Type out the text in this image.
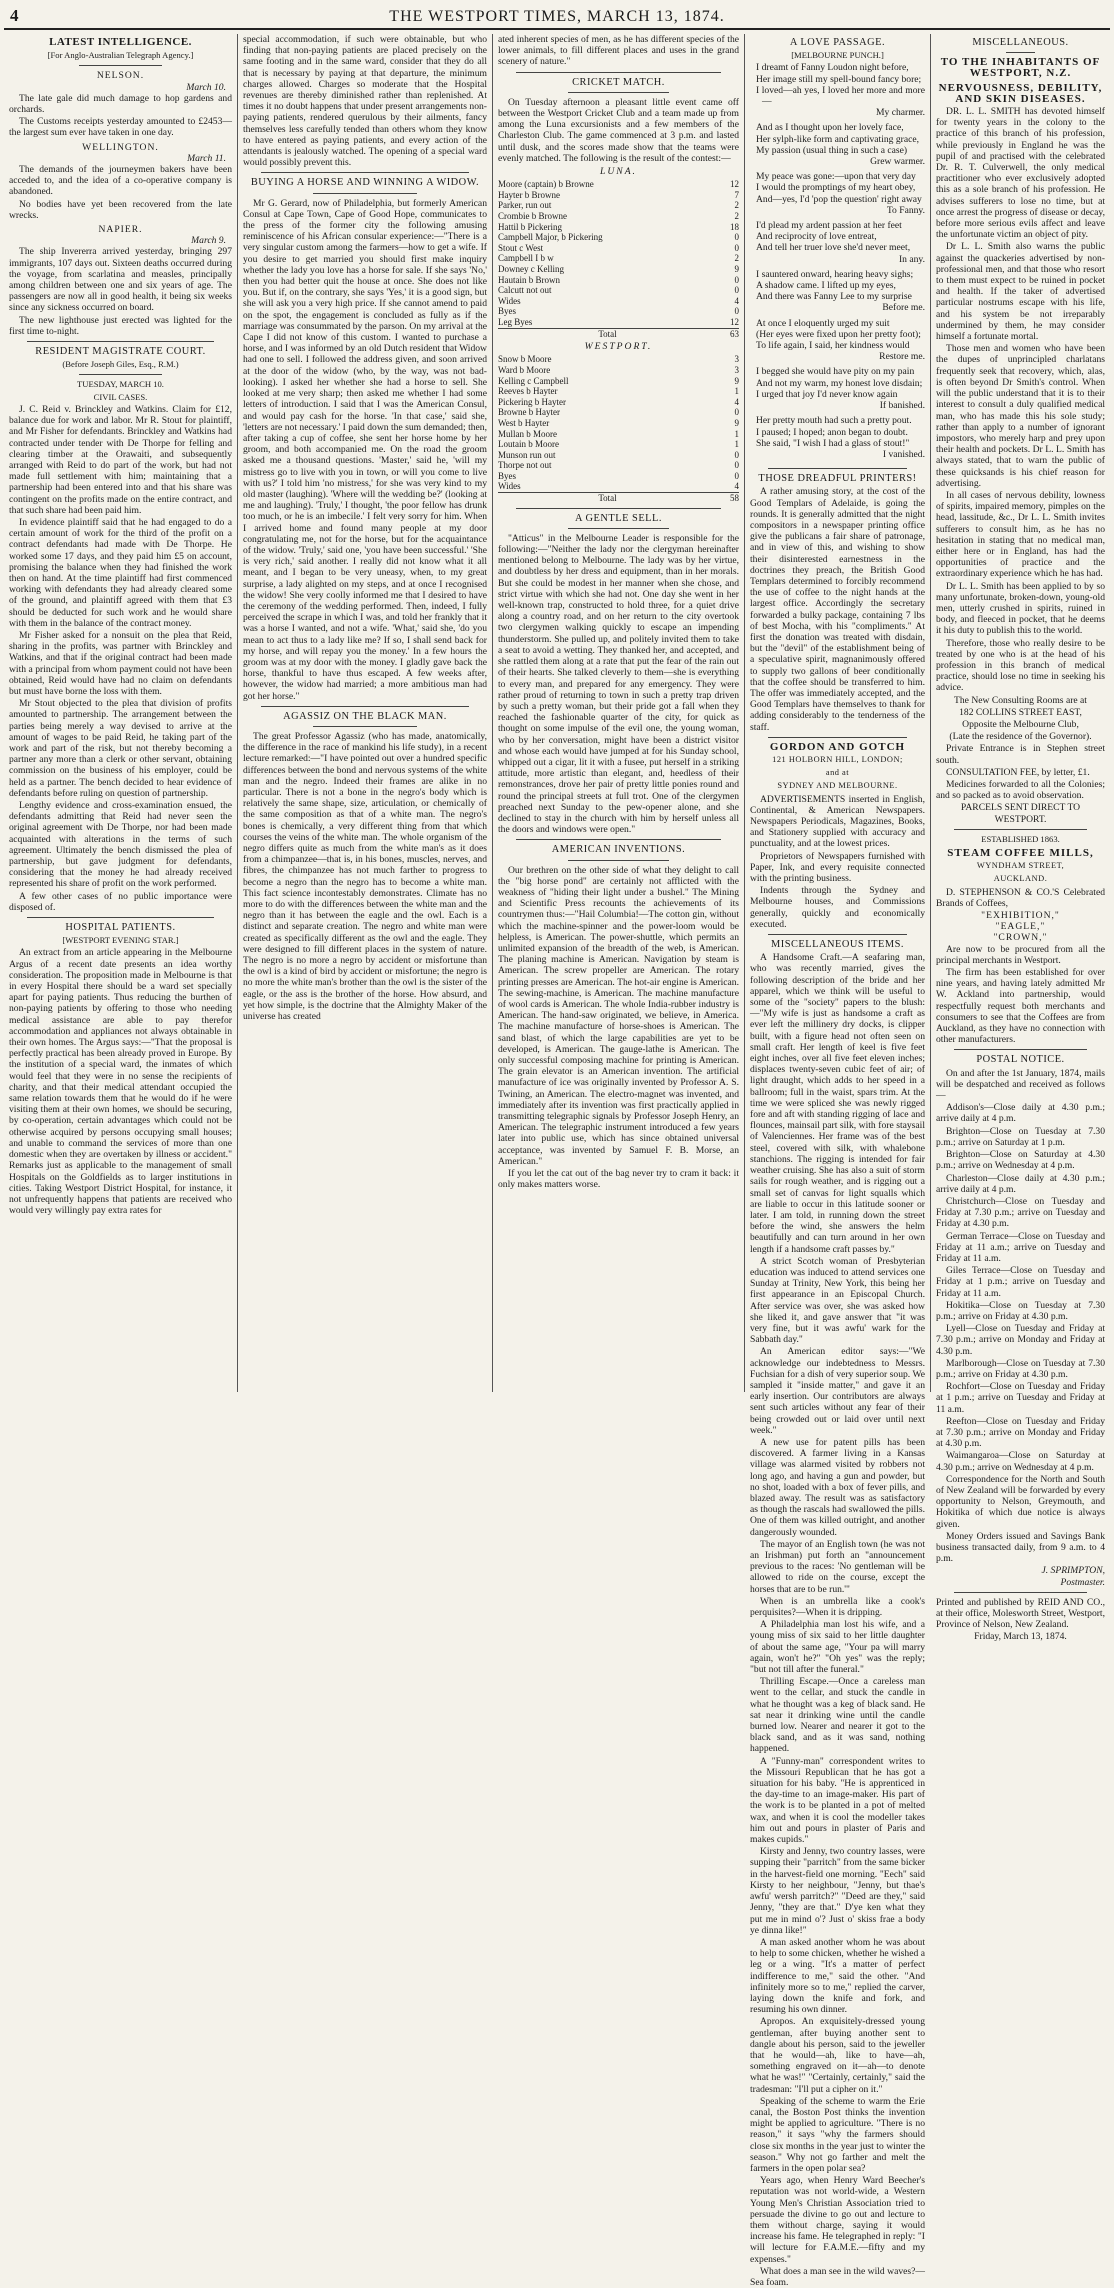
4	THE WESTPORT TIMES, MARCH 13, 1874.
LATEST INTELLIGENCE.
[For Anglo-Australian Telegraph Agency.]
NELSON.
March 10.

The late gale did much damage to hop gardens and orchards.

The Customs receipts yesterday amounted to £2453—the largest sum ever have taken in one day.

WELLINGTON.
March 11.

The demands of the journeymen bakers have been acceded to, and the idea of a co-operative company is abandoned.

No bodies have yet been recovered from the late wrecks.

NAPIER.
March 9.

The ship Invererra arrived yesterday, bringing 297 immigrants, 107 days out. Sixteen deaths occurred during the voyage, from scarlatina and measles, principally among children between one and six years of age. The passengers are now all in good health, it being six weeks since any sickness occurred on board.

The new lighthouse just erected was lighted for the first time to-night.

RESIDENT MAGISTRATE COURT.
(Before Joseph Giles, Esq., R.M.)
TUESDAY, MARCH 10.
CIVIL CASES.

J. C. Reid v. Brinckley and Watkins. Claim for £12, balance due for work and labor. Mr R. Stout for plaintiff, and Mr Fisher for defendants. Brinckley and Watkins had contracted under tender with De Thorpe for felling and clearing timber at the Orawaiti, and subsequently arranged with Reid to do part of the work, but had not made full settlement with him; maintaining that a partnership had been entered into and that his share was contingent on the profits made on the entire contract, and that such share had been paid him.

In evidence plaintiff said that he had engaged to do a certain amount of work for the third of the profit on a contract defendants had made with De Thorpe. He worked some 17 days, and they paid him £5 on account, promising the balance when they had finished the work then on hand. At the time plaintiff had first commenced working with defendants they had already cleared some of the ground, and plaintiff agreed with them that £3 should be deducted for such work and he would share with them in the balance of the contract money.

Mr Fisher asked for a nonsuit on the plea that Reid, sharing in the profits, was partner with Brinckley and Watkins, and that if the original contract had been made with a principal from whom payment could not have been obtained, Reid would have had no claim on defendants but must have borne the loss with them.

Mr Stout objected to the plea that division of profits amounted to partnership. The arrangement between the parties being merely a way devised to arrive at the amount of wages to be paid Reid, he taking part of the work and part of the risk, but not thereby becoming a partner any more than a clerk or other servant, obtaining commission on the business of his employer, could be held as a partner. The bench decided to hear evidence of defendants before ruling on question of partnership.

Lengthy evidence and cross-examination ensued, the defendants admitting that Reid had never seen the original agreement with De Thorpe, nor had been made acquainted with alterations in the terms of such agreement. Ultimately the bench dismissed the plea of partnership, but gave judgment for defendants, considering that the money he had already received represented his share of profit on the work performed.

A few other cases of no public importance were disposed of.

HOSPITAL PATIENTS.
[WESTPORT EVENING STAR.]

An extract from an article appearing in the Melbourne Argus of a recent date presents an idea worthy consideration. The proposition made in Melbourne is that in every Hospital there should be a ward set specially apart for paying patients. Thus reducing the burthen of non-paying patients by offering to those who needing medical assistance are able to pay therefor accommodation and appliances not always obtainable in their own homes. The Argus says:—"That the proposal is perfectly practical has been already proved in Europe. By the institution of a special ward, the inmates of which would feel that they were in no sense the recipients of charity, and that their medical attendant occupied the same relation towards them that he would do if he were visiting them at their own homes, we should be securing, by co-operation, certain advantages which could not be otherwise acquired by persons occupying small houses; and unable to command the services of more than one domestic when they are overtaken by illness or accident." Remarks just as applicable to the management of small Hospitals on the Goldfields as to larger institutions in cities. Taking Westport District Hospital, for instance, it not unfrequently happens that patients are received who would very willingly pay extra rates for

special accommodation, if such were obtainable, but who finding that non-paying patients are placed precisely on the same footing and in the same ward, consider that they do all that is necessary by paying at that departure, the minimum charges allowed. Charges so moderate that the Hospital revenues are thereby diminished rather than replenished. At times it no doubt happens that under present arrangements non-paying patients, rendered querulous by their ailments, fancy themselves less carefully tended than others whom they know to have entered as paying patients, and every action of the attendants is jealously watched. The opening of a special ward would possibly prevent this.

BUYING A HORSE AND WINNING A WIDOW.

Mr G. Gerard, now of Philadelphia, but formerly American Consul at Cape Town, Cape of Good Hope, communicates to the press of the former city the following amusing reminiscence of his African consular experience:—"There is a very singular custom among the farmers—how to get a wife. If you desire to get married you should first make inquiry whether the lady you love has a horse for sale. If she says 'No,' then you had better quit the house at once. She does not like you. But if, on the contrary, she says 'Yes,' it is a good sign, but she will ask you a very high price. If she cannot amend to paid on the spot, the engagement is concluded as fully as if the marriage was consummated by the parson. On my arrival at the Cape I did not know of this custom. I wanted to purchase a horse, and I was informed by an old Dutch resident that Widow had one to sell. I followed the address given, and soon arrived at the door of the widow (who, by the way, was not bad-looking). I asked her whether she had a horse to sell. She looked at me very sharp; then asked me whether I had some letters of introduction. I said that I was the American Consul, and would pay cash for the horse. 'In that case,' said she, 'letters are not necessary.' I paid down the sum demanded; then, after taking a cup of coffee, she sent her horse home by her groom, and both accompanied me. On the road the groom asked me a thousand questions. 'Master,' said he, 'will my mistress go to live with you in town, or will you come to live with us?' I told him 'no mistress,' for she was very kind to my old master (laughing). 'Where will the wedding be?' (looking at me and laughing). 'Truly,' I thought, 'the poor fellow has drunk too much, or he is an imbecile.' I felt very sorry for him. When I arrived home and found many people at my door congratulating me, not for the horse, but for the acquaintance of the widow. 'Truly,' said one, 'you have been successful.' 'She is very rich,' said another. I really did not know what it all meant, and I began to be very uneasy, when, to my great surprise, a lady alighted on my steps, and at once I recognised the widow! She very coolly informed me that I desired to have the ceremony of the wedding performed. Then, indeed, I fully perceived the scrape in which I was, and told her frankly that it was a horse I wanted, and not a wife. 'What,' said she, 'do you mean to act thus to a lady like me? If so, I shall send back for my horse, and will repay you the money.' In a few hours the groom was at my door with the money. I gladly gave back the horse, thankful to have thus escaped. A few weeks after, however, the widow had married; a more ambitious man had got her horse."

AGASSIZ ON THE BLACK MAN.

The great Professor Agassiz (who has made, anatomically, the difference in the race of mankind his life study), in a recent lecture remarked:—"I have pointed out over a hundred specific differences between the bond and nervous systems of the white man and the negro. Indeed their frames are alike in no particular. There is not a bone in the negro's body which is relatively the same shape, size, articulation, or chemically of the same composition as that of a white man. The negro's bones is chemically, a very different thing from that which courses the veins of the white man. The whole organism of the negro differs quite as much from the white man's as it does from a chimpanzee—that is, in his bones, muscles, nerves, and fibres, the chimpanzee has not much farther to progress to become a negro than the negro has to become a white man. This fact science incontestably demonstrates. Climate has no more to do with the differences between the white man and the negro than it has between the eagle and the owl. Each is a distinct and separate creation. The negro and white man were created as specifically different as the owl and the eagle. They were designed to fill different places in the system of nature. The negro is no more a negro by accident or misfortune than the owl is a kind of bird by accident or misfortune; the negro is no more the white man's brother than the owl is the sister of the eagle, or the ass is the brother of the horse. How absurd, and yet how simple, is the doctrine that the Almighty Maker of the universe has created

ated inherent species of men, as he has different species of the lower animals, to fill different places and uses in the grand scenery of nature."

CRICKET MATCH.

On Tuesday afternoon a pleasant little event came off between the Westport Cricket Club and a team made up from among the Luna excursionists and a few members of the Charleston Club. The game commenced at 3 p.m. and lasted until dusk, and the scores made show that the teams were evenly matched. The following is the result of the contest:—

LUNA.
Moore (captain) b Browne	12
Hayter b Browne	7
Parker, run out	2
Crombie b Browne	2
Hattil b Pickering	18
Campbell Major, b Pickering	0
Stout c West	0
Campbell I b w	2
Downey c Kelling	9
Hautain b Brown	0
Calcutt not out	0
Wides	4
Byes	0
Leg Byes	12
Total	63
WESTPORT.
Snow b Moore	3
Ward b Moore	3
Kelling c Campbell	9
Reeves b Hayter	1
Pickering b Hayter	4
Browne b Hayter	0
West b Hayter	9
Mullan b Moore	1
Loutain b Moore	1
Munson run out	0
Thorpe not out	0
Byes	0
Wides	4
Total	58
A GENTLE SELL.

"Atticus" in the Melbourne Leader is responsible for the following:—"Neither the lady nor the clergyman hereinafter mentioned belong to Melbourne. The lady was by her virtue, and doubtless by her dress and equipment, than in her morals. But she could be modest in her manner when she chose, and strict virtue with which she had not. One day she went in her well-known trap, constructed to hold three, for a quiet drive along a country road, and on her return to the city overtook two clergymen walking quickly to escape an impending thunderstorm. She pulled up, and politely invited them to take a seat to avoid a wetting. They thanked her, and accepted, and she rattled them along at a rate that put the fear of the rain out of their hearts. She talked cleverly to them—she is everything to every man, and prepared for any emergency. They were rather proud of returning to town in such a pretty trap driven by such a pretty woman, but their pride got a fall when they reached the fashionable quarter of the city, for quick as thought on some impulse of the evil one, the young woman, who by her conversation, might have been a district visitor and whose each would have jumped at for his Sunday school, whipped out a cigar, lit it with a fusee, put herself in a striking attitude, more artistic than elegant, and, heedless of their remonstrances, drove her pair of pretty little ponies round and round the principal streets at full trot. One of the clergymen preached next Sunday to the pew-opener alone, and she declined to stay in the church with him by herself unless all the doors and windows were open."

AMERICAN INVENTIONS.

Our brethren on the other side of what they delight to call the "big horse pond" are certainly not afflicted with the weakness of "hiding their light under a bushel." The Mining and Scientific Press recounts the achievements of its countrymen thus:—"Hail Columbia!—The cotton gin, without which the machine-spinner and the power-loom would be helpless, is American. The power-shuttle, which permits an unlimited expansion of the breadth of the web, is American. The planing machine is American. Navigation by steam is American. The screw propeller are American. The rotary printing presses are American. The hot-air engine is American. The sewing-machine, is American. The machine manufacture of wool cards is American. The whole India-rubber industry is American. The hand-saw originated, we believe, in America. The machine manufacture of horse-shoes is American. The sand blast, of which the large capabilities are yet to be developed, is American. The gauge-lathe is American. The only successful composing machine for printing is American. The grain elevator is an American invention. The artificial manufacture of ice was originally invented by Professor A. S. Twining, an American. The electro-magnet was invented, and immediately after its invention was first practically applied in transmitting telegraphic signals by Professor Joseph Henry, an American. The telegraphic instrument introduced a few years later into public use, which has since obtained universal acceptance, was invented by Samuel F. B. Morse, an American."

If you let the cat out of the bag never try to cram it back: it only makes matters worse.

A LOVE PASSAGE.
[MELBOURNE PUNCH.]
I dreamt of Fanny Loudon night before,
Her image still my spell-bound fancy bore;
I loved—ah yes, I loved her more and more—
My charmer.
And as I thought upon her lovely face,
Her sylph-like form and captivating grace,
My passion (usual thing in such a case)
Grew warmer.
My peace was gone:—upon that very day
I would the promptings of my heart obey,
And—yes, I'd 'pop the question' right away
To Fanny.
I'd plead my ardent passion at her feet
And reciprocity of love entreat,
And tell her truer love she'd never meet,
In any.
I sauntered onward, hearing heavy sighs;
A shadow came. I lifted up my eyes,
And there was Fanny Lee to my surprise
Before me.
At once I eloquently urged my suit
(Her eyes were fixed upon her pretty foot);
To life again, I said, her kindness would
Restore me.
I begged she would have pity on my pain
And not my warm, my honest love disdain;
I urged that joy I'd never know again
If banished.
Her pretty mouth had such a pretty pout.
I paused; I hoped; anon began to doubt.
She said, "I wish I had a glass of stout!"
I vanished.
THOSE DREADFUL PRINTERS!

A rather amusing story, at the cost of the Good Templars of Adelaide, is going the rounds. It is generally admitted that the night compositors in a newspaper printing office give the publicans a fair share of patronage, and in view of this, and wishing to show their disinterested earnestness in the doctrines they preach, the British Good Templars determined to forcibly recommend the use of coffee to the night hands at the largest office. Accordingly the secretary forwarded a bulky package, containing 7 lbs of best Mocha, with his "compliments." At first the donation was treated with disdain, but the "devil" of the establishment being of a speculative spirit, magnanimously offered to supply two gallons of beer conditionally that the coffee should be transferred to him. The offer was immediately accepted, and the Good Templars have themselves to thank for adding considerably to the tenderness of the staff.

GORDON AND GOTCH
121 HOLBORN HILL, LONDON;
and at
SYDNEY AND MELBOURNE.

ADVERTISEMENTS inserted in English, Continental, & American Newspapers. Newspapers Periodicals, Magazines, Books, and Stationery supplied with accuracy and punctuality, and at the lowest prices.

Proprietors of Newspapers furnished with Paper, Ink, and every requisite connected with the printing business.

Indents through the Sydney and Melbourne houses, and Commissions generally, quickly and economically executed.

MISCELLANEOUS ITEMS.

A Handsome Craft.—A seafaring man, who was recently married, gives the following description of the bride and her apparel, which we think will be useful to some of the "society" papers to the blush:—"My wife is just as handsome a craft as ever left the millinery dry docks, is clipper built, with a figure head not often seen on small craft. Her length of keel is five feet eight inches, over all five feet eleven inches; displaces twenty-seven cubic feet of air; of light draught, which adds to her speed in a ballroom; full in the waist, spars trim. At the time we were spliced she was newly rigged fore and aft with standing rigging of lace and flounces, mainsail part silk, with fore staysail of Valenciennes. Her frame was of the best steel, covered with silk, with whalebone stanchions. The rigging is intended for fair weather cruising. She has also a suit of storm sails for rough weather, and is rigging out a small set of canvas for light squalls which are liable to occur in this latitude sooner or later. I am told, in running down the street before the wind, she answers the helm beautifully and can turn around in her own length if a handsome craft passes by."

A strict Scotch woman of Presbyterian education was induced to attend services one Sunday at Trinity, New York, this being her first appearance in an Episcopal Church. After service was over, she was asked how she liked it, and gave answer that "it was very fine, but it was awfu' wark for the Sabbath day."

An American editor says:—"We acknowledge our indebtedness to Messrs. Fuchsian for a dish of very superior soup. We sampled it "inside matter," and gave it an early insertion. Our contributors are always sent such articles without any fear of their being crowded out or laid over until next week."

A new use for patent pills has been discovered. A farmer living in a Kansas village was alarmed visited by robbers not long ago, and having a gun and powder, but no shot, loaded with a box of fever pills, and blazed away. The result was as satisfactory as though the rascals had swallowed the pills. One of them was killed outright, and another dangerously wounded.

The mayor of an English town (he was not an Irishman) put forth an "announcement previous to the races: 'No gentleman will be allowed to ride on the course, except the horses that are to be run.'"

When is an umbrella like a cook's perquisites?—When it is dripping.

A Philadelphia man lost his wife, and a young miss of six said to her little daughter of about the same age, "Your pa will marry again, won't he?" "Oh yes" was the reply; "but not till after the funeral."

Thrilling Escape.—Once a careless man went to the cellar, and stuck the candle in what he thought was a keg of black sand. He sat near it drinking wine until the candle burned low. Nearer and nearer it got to the black sand, and as it was sand, nothing happened.

A "Funny-man" correspondent writes to the Missouri Republican that he has got a situation for his baby. "He is apprenticed in the day-time to an image-maker. His part of the work is to be planted in a pot of melted wax, and when it is cool the modeller takes him out and pours in plaster of Paris and makes cupids."

Kirsty and Jenny, two country lasses, were supping their "parritch" from the same bicker in the harvest-field one morning. "Eech" said Kirsty to her neighbour, "Jenny, but thae's awfu' wersh parritch?" "Deed are they," said Jenny, "they are that." D'ye ken what they put me in mind o'? Just o' skiss frae a body ye dinna like!"

A man asked another whom he was about to help to some chicken, whether he wished a leg or a wing. "It's a matter of perfect indifference to me," said the other. "And infinitely more so to me," replied the carver, laying down the knife and fork, and resuming his own dinner.

Apropos. An exquisitely-dressed young gentleman, after buying another sent to dangle about his person, said to the jeweller that he would—ah, like to have—ah, something engraved on it—ah—to denote what he was!" "Certainly, certainly," said the tradesman: "I'll put a cipher on it."

Speaking of the scheme to warm the Erie canal, the Boston Post thinks the invention might be applied to agriculture. "There is no reason," it says "why the farmers should close six months in the year just to winter the season." Why not go farther and melt the farmers in the open polar sea?

Years ago, when Henry Ward Beecher's reputation was not world-wide, a Western Young Men's Christian Association tried to persuade the divine to go out and lecture to them without charge, saying it would increase his fame. He telegraphed in reply: "I will lecture for F.A.M.E.—fifty and my expenses."

What does a man see in the wild waves?—Sea foam.

MISCELLANEOUS.
TO THE INHABITANTS OF WESTPORT, N.Z.
NERVOUSNESS, DEBILITY, AND SKIN DISEASES.

DR. L. L. SMITH has devoted himself for twenty years in the colony to the practice of this branch of his profession, while previously in England he was the pupil of and practised with the celebrated Dr. R. T. Culverwell, the only medical practitioner who ever exclusively adopted this as a sole branch of his profession. He advises sufferers to lose no time, but at once arrest the progress of disease or decay, before more serious evils affect and leave the unfortunate victim an object of pity.

Dr L. L. Smith also warns the public against the quackeries advertised by non-professional men, and that those who resort to them must expect to be ruined in pocket and health. If the taker of advertised particular nostrums escape with his life, and his system be not irreparably undermined by them, he may consider himself a fortunate mortal.

Those men and women who have been the dupes of unprincipled charlatans frequently seek that recovery, which, alas, is often beyond Dr Smith's control. When will the public understand that it is to their interest to consult a duly qualified medical man, who has made this his sole study; rather than apply to a number of ignorant impostors, who merely harp and prey upon their health and pockets. Dr L. L. Smith has always stated, that to warn the public of these quicksands is his chief reason for advertising.

In all cases of nervous debility, lowness of spirits, impaired memory, pimples on the head, lassitude, &c., Dr L. L. Smith invites sufferers to consult him, as he has no hesitation in stating that no medical man, either here or in England, has had the opportunities of practice and the extraordinary experience which he has had.

Dr L. L. Smith has been applied to by so many unfortunate, broken-down, young-old men, utterly crushed in spirits, ruined in body, and fleeced in pocket, that he deems it his duty to publish this to the world.

Therefore, those who really desire to be treated by one who is at the head of his profession in this branch of medical practice, should lose no time in seeking his advice.

The New Consulting Rooms are at

182 COLLINS STREET EAST,

Opposite the Melbourne Club,

(Late the residence of the Governor).

Private Entrance is in Stephen street south.

CONSULTATION FEE, by letter, £1.

Medicines forwarded to all the Colonies; and so packed as to avoid observation.

PARCELS SENT DIRECT TO WESTPORT.

ESTABLISHED 1863.
STEAM COFFEE MILLS,
WYNDHAM STREET,
AUCKLAND.

D. STEPHENSON & CO.'S Celebrated Brands of Coffees,

"EXHIBITION,"
"EAGLE,"
"CROWN,"

Are now to be procured from all the principal merchants in Westport.

The firm has been established for over nine years, and having lately admitted Mr W. Ackland into partnership, would respectfully request both merchants and consumers to see that the Coffees are from Auckland, as they have no connection with other manufacturers.

POSTAL NOTICE.

On and after the 1st January, 1874, mails will be despatched and received as follows—

Addison's—Close daily at 4.30 p.m.; arrive daily at 4 p.m.

Brighton—Close on Tuesday at 7.30 p.m.; arrive on Saturday at 1 p.m.

Brighton—Close on Saturday at 4.30 p.m.; arrive on Wednesday at 4 p.m.

Charleston—Close daily at 4.30 p.m.; arrive daily at 4 p.m.

Christchurch—Close on Tuesday and Friday at 7.30 p.m.; arrive on Tuesday and Friday at 4.30 p.m.

German Terrace—Close on Tuesday and Friday at 11 a.m.; arrive on Tuesday and Friday at 11 a.m.

Giles Terrace—Close on Tuesday and Friday at 1 p.m.; arrive on Tuesday and Friday at 11 a.m.

Hokitika—Close on Tuesday at 7.30 p.m.; arrive on Friday at 4.30 p.m.

Lyell—Close on Tuesday and Friday at 7.30 p.m.; arrive on Monday and Friday at 4.30 p.m.

Marlborough—Close on Tuesday at 7.30 p.m.; arrive on Friday at 4.30 p.m.

Rochfort—Close on Tuesday and Friday at 1 p.m.; arrive on Tuesday and Friday at 11 a.m.

Reefton—Close on Tuesday and Friday at 7.30 p.m.; arrive on Monday and Friday at 4.30 p.m.

Waimangaroa—Close on Saturday at 4.30 p.m.; arrive on Wednesday at 4 p.m.

Correspondence for the North and South of New Zealand will be forwarded by every opportunity to Nelson, Greymouth, and Hokitika of which due notice is always given.

Money Orders issued and Savings Bank business transacted daily, from 9 a.m. to 4 p.m.

J. SPRIMPTON,
Postmaster.

Printed and published by REID AND CO., at their office, Molesworth Street, Westport, Province of Nelson, New Zealand.

Friday, March 13, 1874.
